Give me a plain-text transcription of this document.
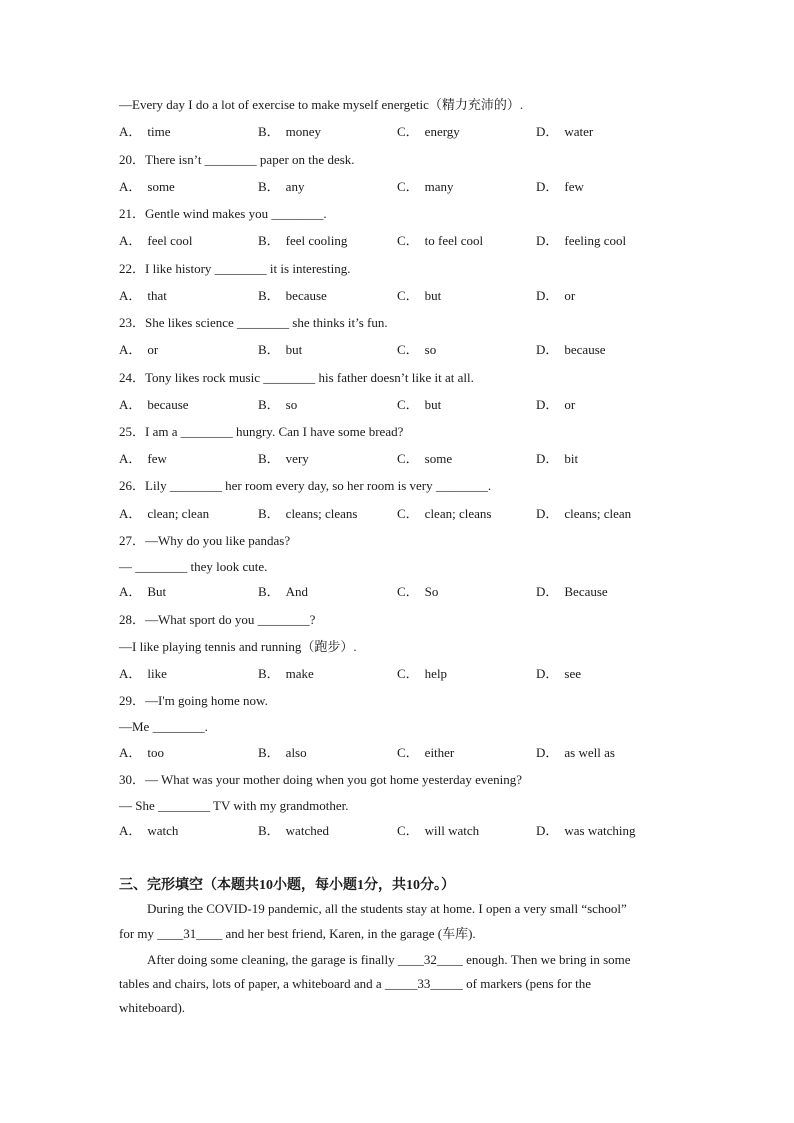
—Every day I do a lot of exercise to make myself energetic（精力充沛的）.
A． time	B． money	C． energy	D． water
20．There isn’t ________ paper on the desk.
A． some	B． any	C． many	D． few
21．Gentle wind makes you ________.
A． feel cool	B． feel cooling	C． to feel cool	D． feeling cool
22．I like history ________ it is interesting.
A． that	B． because	C． but	D． or
23．She likes science ________ she thinks it’s fun.
A． or	B． but	C． so	D． because
24．Tony likes rock music ________ his father doesn’t like it at all.
A． because	B． so	C． but	D． or
25．I am a ________ hungry. Can I have some bread?
A． few	B． very	C． some	D． bit
26．Lily ________ her room every day, so her room is very ________.
A． clean; clean	B． cleans; cleans	C． clean; cleans	D． cleans; clean
27．—Why do you like pandas?
— ________ they look cute.
A． But	B． And	C． So	D． Because
28．—What sport do you ________?
—I like playing tennis and running（跑步）.
A． like	B． make	C． help	D． see
29．—I'm going home now.
—Me ________.
A． too	B． also	C． either	D． as well as
30．— What was your mother doing when you got home yesterday evening?
— She ________ TV with my grandmother.
A． watch	B． watched	C． will watch	D． was watching
三、完形填空（本题共10小题，每小题1分，共10分。）
During the COVID-19 pandemic, all the students stay at home. I open a very small “school”
for my ____31____ and her best friend, Karen, in the garage (车库).
After doing some cleaning, the garage is finally ____32____ enough. Then we bring in some
tables and chairs, lots of paper, a whiteboard and a _____33_____ of markers (pens for the
whiteboard).
